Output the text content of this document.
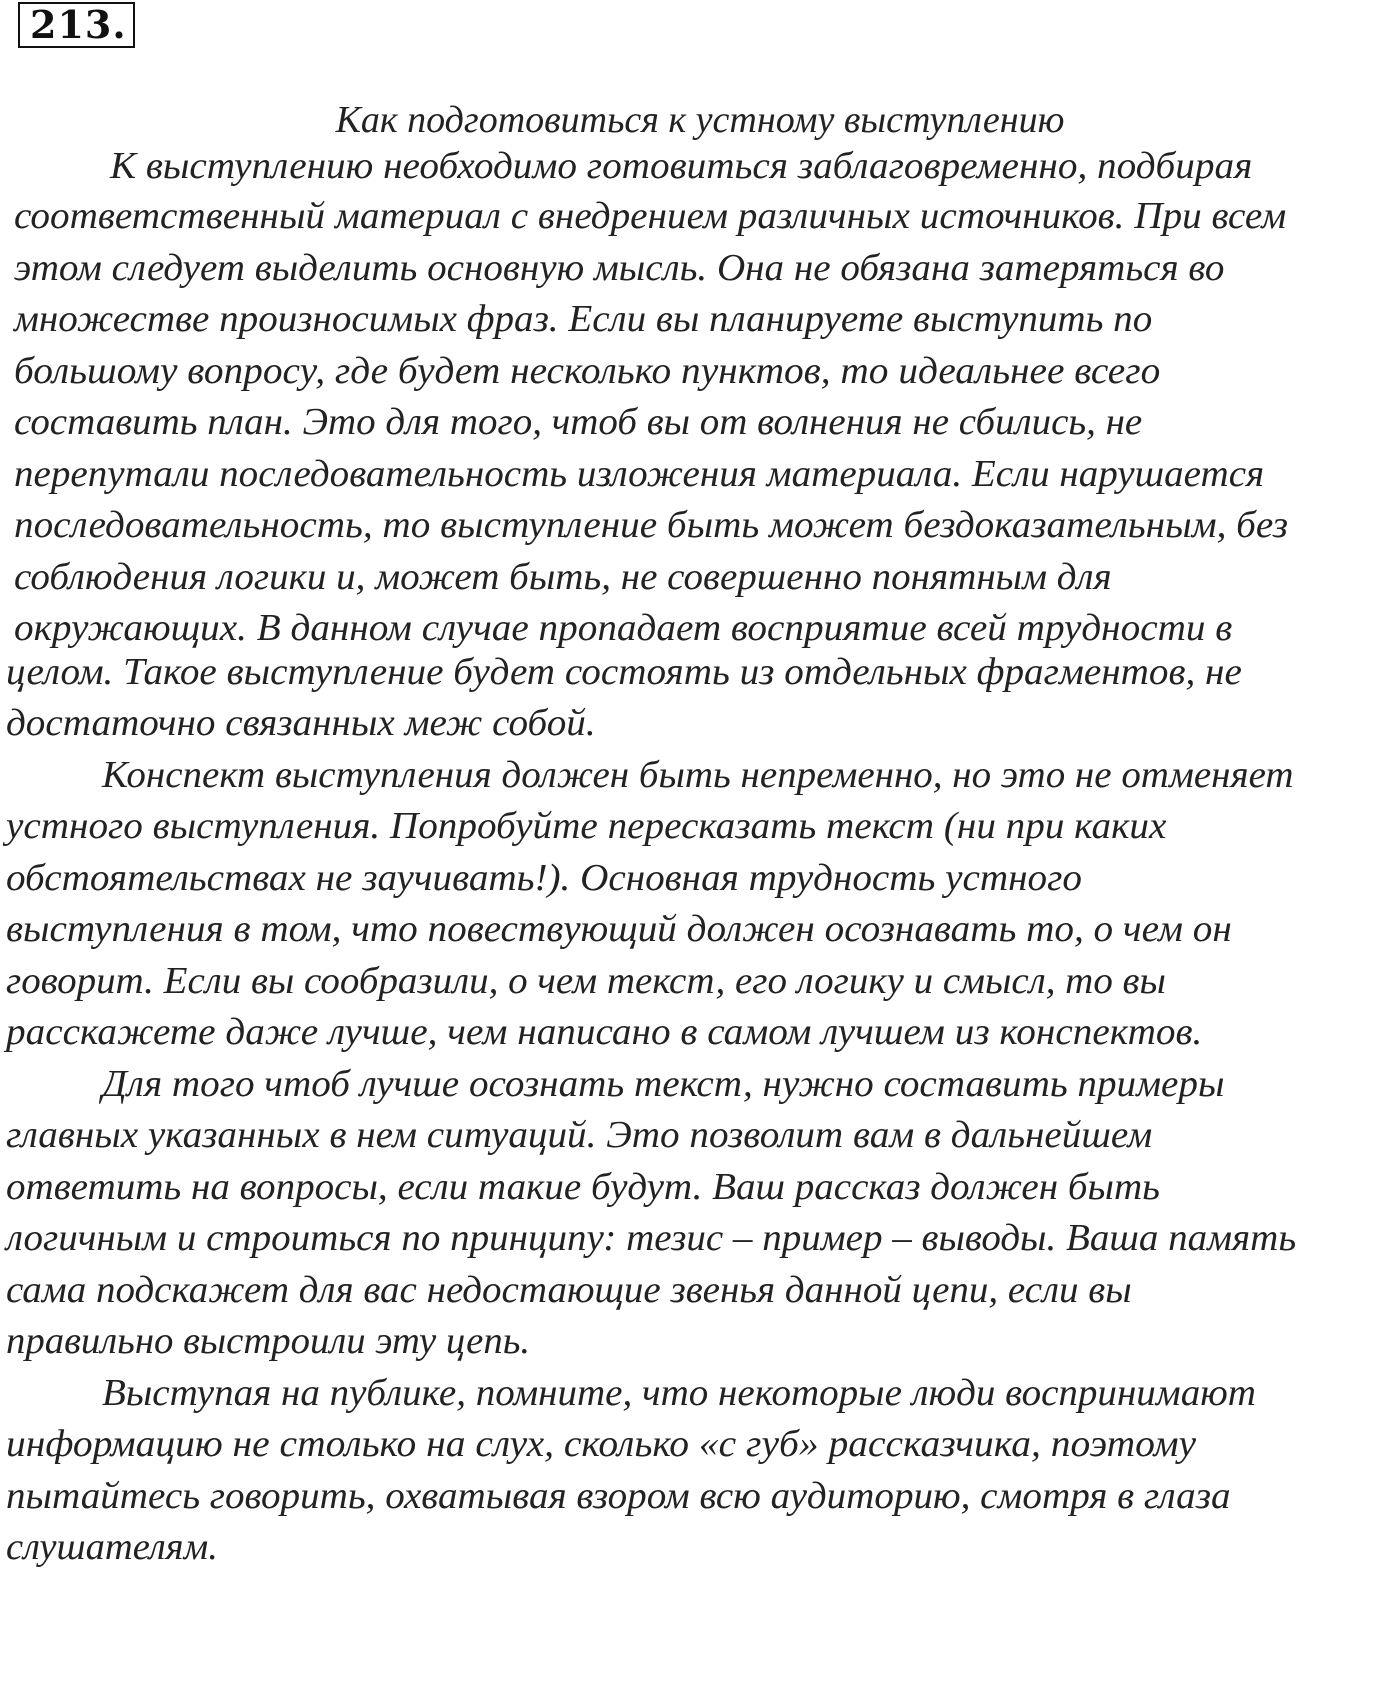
213.
Как подготовиться к устному выступлению
К выступлению необходимо готовиться заблаговременно, подбирая
соответственный материал с внедрением различных источников. При всем
этом следует выделить основную мысль. Она не обязана затеряться во
множестве произносимых фраз. Если вы планируете выступить по
большому вопросу, где будет несколько пунктов, то идеальнее всего
составить план. Это для того, чтоб вы от волнения не сбились, не
перепутали последовательность изложения материала. Если нарушается
последовательность, то выступление быть может бездоказательным, без
соблюдения логики и, может быть, не совершенно понятным для
окружающих. В данном случае пропадает восприятие всей трудности в
целом. Такое выступление будет состоять из отдельных фрагментов, не
достаточно связанных меж собой.
Конспект выступления должен быть непременно, но это не отменяет
устного выступления. Попробуйте пересказать текст (ни при каких
обстоятельствах не заучивать!). Основная трудность устного
выступления в том, что повествующий должен осознавать то, о чем он
говорит. Если вы сообразили, о чем текст, его логику и смысл, то вы
расскажете даже лучше, чем написано в самом лучшем из конспектов.
Для того чтоб лучше осознать текст, нужно составить примеры
главных указанных в нем ситуаций. Это позволит вам в дальнейшем
ответить на вопросы, если такие будут. Ваш рассказ должен быть
логичным и строиться по принципу: тезис – пример – выводы. Ваша память
сама подскажет для вас недостающие звенья данной цепи, если вы
правильно выстроили эту цепь.
Выступая на публике, помните, что некоторые люди воспринимают
информацию не столько на слух, сколько «с губ» рассказчика, поэтому
пытайтесь говорить, охватывая взором всю аудиторию, смотря в глаза
слушателям.
